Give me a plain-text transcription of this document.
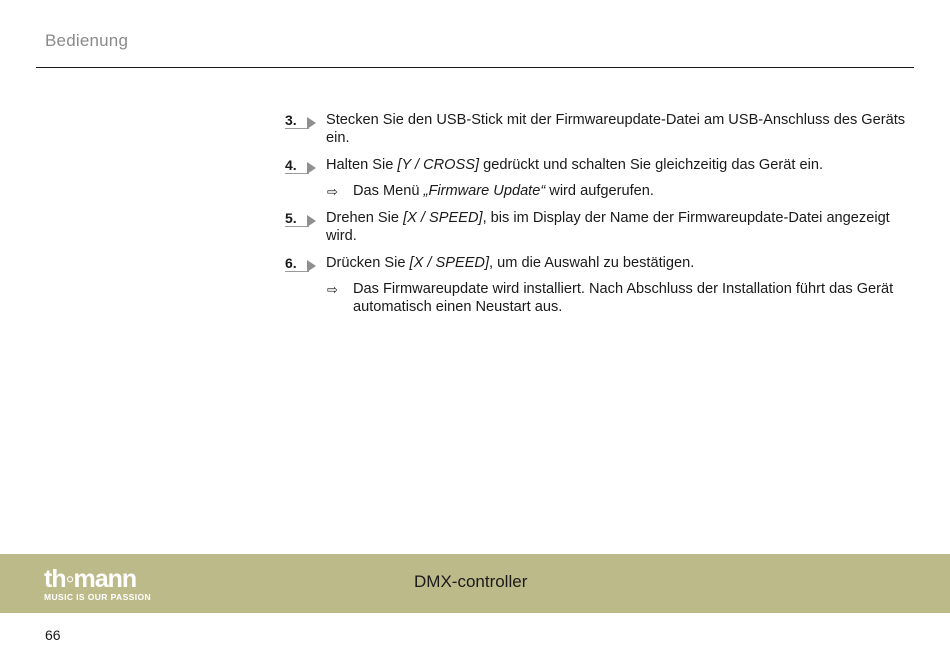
Bedienung
3. Stecken Sie den USB-Stick mit der Firmwareupdate-Datei am USB-Anschluss des Geräts ein.
4. Halten Sie [Y / CROSS] gedrückt und schalten Sie gleichzeitig das Gerät ein.
⇨ Das Menü „Firmware Update“ wird aufgerufen.
5. Drehen Sie [X / SPEED], bis im Display der Name der Firmwareupdate-Datei angezeigt wird.
6. Drücken Sie [X / SPEED], um die Auswahl zu bestätigen.
⇨ Das Firmwareupdate wird installiert. Nach Abschluss der Installation führt das Gerät automatisch einen Neustart aus.
th◦mann
MUSIC IS OUR PASSION
DMX-controller
66
